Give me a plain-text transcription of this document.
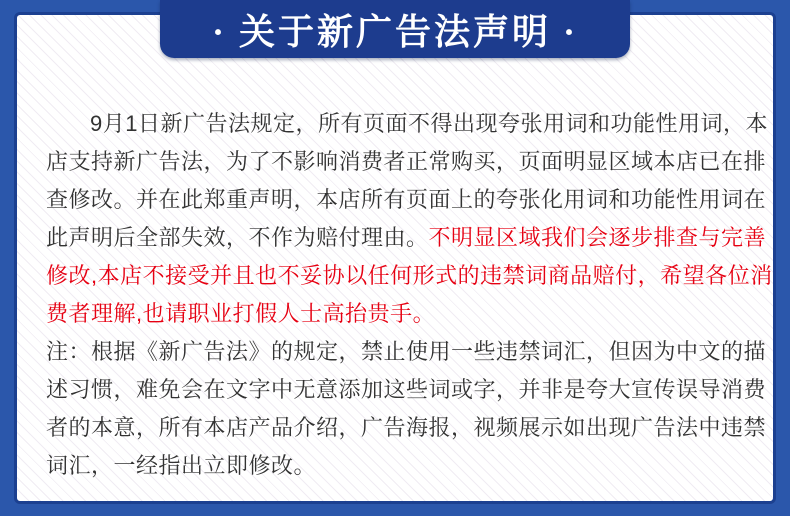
9月1日新广告法规定，所有页面不得出现夸张用词和功能性用词，本
店支持新广告法，为了不影响消费者正常购买，页面明显区域本店已在排
查修改。并在此郑重声明，本店所有页面上的夸张化用词和功能性用词在
此声明后全部失效，不作为赔付理由。不明显区域我们会逐步排查与完善
修改,本店不接受并且也不妥协以任何形式的违禁词商品赔付，希望各位消
费者理解,也请职业打假人士高抬贵手。
注：根据《新广告法》的规定，禁止使用一些违禁词汇，但因为中文的描
述习惯，难免会在文字中无意添加这些词或字，并非是夸大宣传误导消费
者的本意，所有本店产品介绍，广告海报，视频展示如出现广告法中违禁
词汇，一经指出立即修改。
· 关于新广告法声明 ·
